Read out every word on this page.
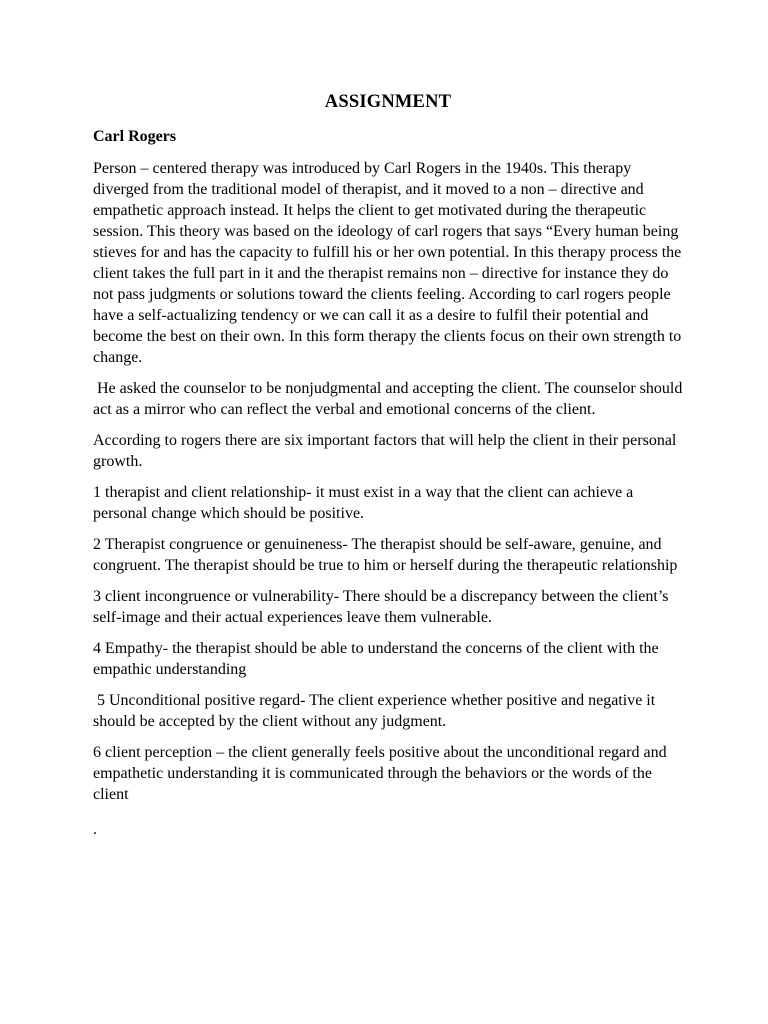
ASSIGNMENT

Carl Rogers

Person – centered therapy was introduced by Carl Rogers in the 1940s. This therapy diverged from the traditional model of therapist, and it moved to a non – directive and empathetic approach instead. It helps the client to get motivated during the therapeutic session. This theory was based on the ideology of carl rogers that says “Every human being stieves for and has the capacity to fulfill his or her own potential. In this therapy process the client takes the full part in it and the therapist remains non – directive for instance they do not pass judgments or solutions toward the clients feeling. According to carl rogers people have a self-actualizing tendency or we can call it as a desire to fulfil their potential and become the best on their own. In this form therapy the clients focus on their own strength to change.

He asked the counselor to be nonjudgmental and accepting the client. The counselor should act as a mirror who can reflect the verbal and emotional concerns of the client.

According to rogers there are six important factors that will help the client in their personal growth.

1 therapist and client relationship- it must exist in a way that the client can achieve a personal change which should be positive.

2 Therapist congruence or genuineness- The therapist should be self-aware, genuine, and congruent. The therapist should be true to him or herself during the therapeutic relationship

3 client incongruence or vulnerability- There should be a discrepancy between the client’s self-image and their actual experiences leave them vulnerable.

4 Empathy- the therapist should be able to understand the concerns of the client with the empathic understanding

5 Unconditional positive regard- The client experience whether positive and negative it should be accepted by the client without any judgment.

6 client perception – the client generally feels positive about the unconditional regard and empathetic understanding it is communicated through the behaviors or the words of the client

.
